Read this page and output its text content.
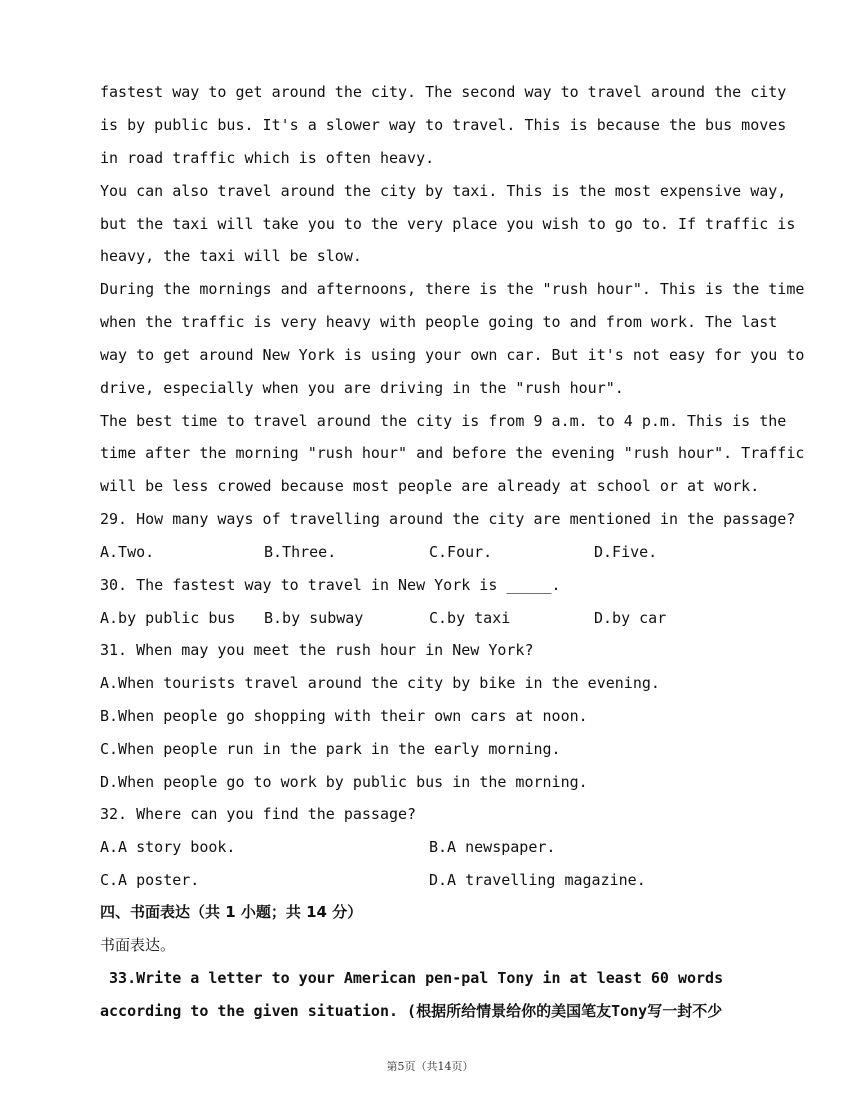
fastest way to get around the city. The second way to travel around the city
is by public bus. It's a slower way to travel. This is because the bus moves
in road traffic which is often heavy.
You can also travel around the city by taxi. This is the most expensive way,
but the taxi will take you to the very place you wish to go to. If traffic is
heavy, the taxi will be slow.
During the mornings and afternoons, there is the "rush hour". This is the time
when the traffic is very heavy with people going to and from work. The last
way to get around New York is using your own car. But it's not easy for you to
drive, especially when you are driving in the "rush hour".
The best time to travel around the city is from 9 a.m. to 4 p.m. This is the
time after the morning "rush hour" and before the evening "rush hour". Traffic
will be less crowed because most people are already at school or at work.
29. How many ways of travelling around the city are mentioned in the passage?
A.Two.	B.Three.	C.Four.	D.Five.
30. The fastest way to travel in New York is _____.
A.by public bus B.by subway	C.by taxi	D.by car
31. When may you meet the rush hour in New York?
A.When tourists travel around the city by bike in the evening.
B.When people go shopping with their own cars at noon.
C.When people run in the park in the early morning.
D.When people go to work by public bus in the morning.
32. Where can you find the passage?
A.A story book.	B.A newspaper.
C.A poster.	D.A travelling magazine.
四、书面表达（共 1 小题；共 14 分）
书面表达。
33.Write a letter to your American pen-pal Tony in at least 60 words
according to the given situation. (根据所给情景给你的美国笔友Tony写一封不少
第5页（共14页）
